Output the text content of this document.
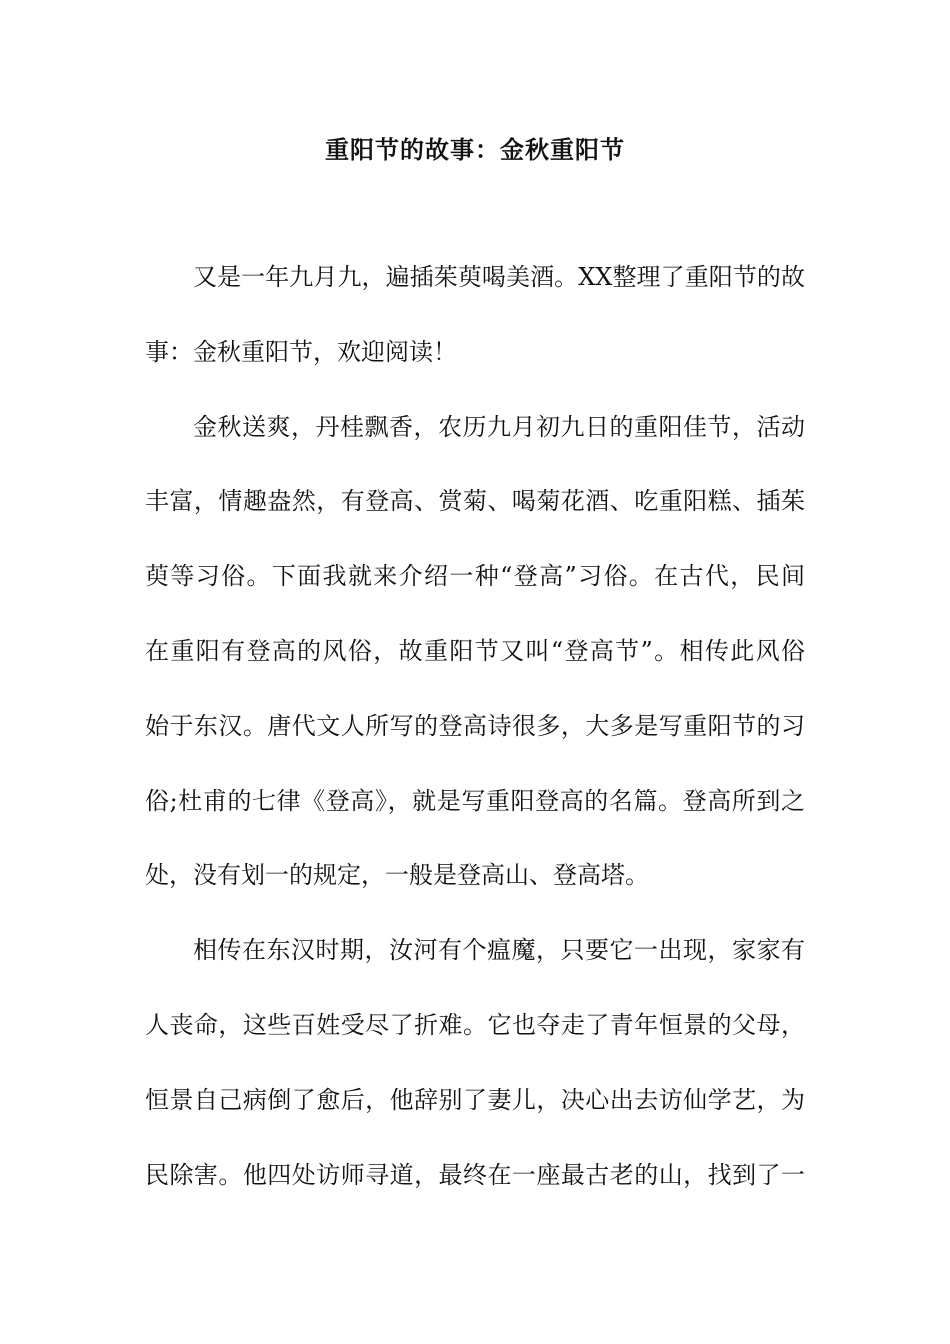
重阳节的故事：金秋重阳节
又是一年九月九，遍插茱萸喝美酒。XX整理了重阳节的故
事：金秋重阳节，欢迎阅读！
金秋送爽，丹桂飘香，农历九月初九日的重阳佳节，活动
丰富，情趣盎然，有登高、赏菊、喝菊花酒、吃重阳糕、插茱
萸等习俗。下面我就来介绍一种“登高”习俗。在古代，民间
在重阳有登高的风俗，故重阳节又叫“登高节”。相传此风俗
始于东汉。唐代文人所写的登高诗很多，大多是写重阳节的习
俗;杜甫的七律《登高》，就是写重阳登高的名篇。登高所到之
处，没有划一的规定，一般是登高山、登高塔。
相传在东汉时期，汝河有个瘟魔，只要它一出现，家家有
人丧命，这些百姓受尽了折难。它也夺走了青年恒景的父母，
恒景自己病倒了愈后，他辞别了妻儿，决心出去访仙学艺，为
民除害。他四处访师寻道，最终在一座最古老的山，找到了一
